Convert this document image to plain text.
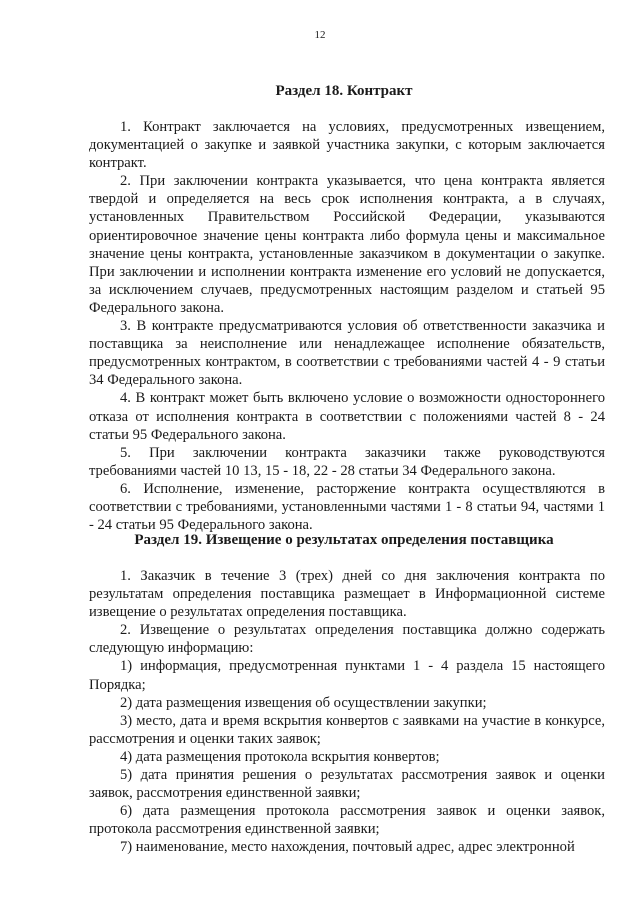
12
Раздел 18. Контракт

1. Контракт заключается на условиях, предусмотренных извещением, документацией о закупке и заявкой участника закупки, с которым заключается контракт.

2. При заключении контракта указывается, что цена контракта является твердой и определяется на весь срок исполнения контракта, а в случаях, установленных Правительством Российской Федерации, указываются ориентировочное значение цены контракта либо формула цены и максимальное значение цены контракта, установленные заказчиком в документации о закупке. При заключении и исполнении контракта изменение его условий не допускается, за исключением случаев, предусмотренных настоящим разделом и статьей 95 Федерального закона.

3. В контракте предусматриваются условия об ответственности заказчика и поставщика за неисполнение или ненадлежащее исполнение обязательств, предусмотренных контрактом, в соответствии с требованиями частей 4 - 9 статьи 34 Федерального закона.

4. В контракт может быть включено условие о возможности одностороннего отказа от исполнения контракта в соответствии с положениями частей 8 - 24 статьи 95 Федерального закона.

5. При заключении контракта заказчики также руководствуются требованиями частей 10 13, 15 - 18, 22 - 28 статьи 34 Федерального закона.

6. Исполнение, изменение, расторжение контракта осуществляются в соответствии с требованиями, установленными частями 1 - 8 статьи 94, частями 1 - 24 статьи 95 Федерального закона.

Раздел 19. Извещение о результатах определения поставщика

1. Заказчик в течение 3 (трех) дней со дня заключения контракта по результатам определения поставщика размещает в Информационной системе извещение о результатах определения поставщика.

2. Извещение о результатах определения поставщика должно содержать следующую информацию:

1) информация, предусмотренная пунктами 1 - 4 раздела 15 настоящего Порядка;

2) дата размещения извещения об осуществлении закупки;

3) место, дата и время вскрытия конвертов с заявками на участие в конкурсе, рассмотрения и оценки таких заявок;

4) дата размещения протокола вскрытия конвертов;

5) дата принятия решения о результатах рассмотрения заявок и оценки заявок, рассмотрения единственной заявки;

6) дата размещения протокола рассмотрения заявок и оценки заявок, протокола рассмотрения единственной заявки;

7) наименование, место нахождения, почтовый адрес, адрес электронной
